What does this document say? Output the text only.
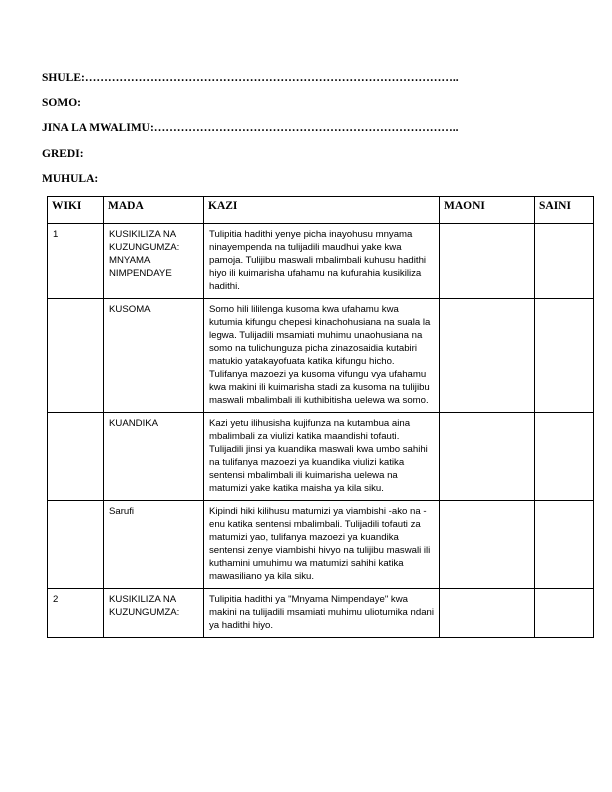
SHULE:……………………………………………………………………………………..
SOMO:
JINA LA MWALIMU:……………………………………………………………………..
GREDI:
MUHULA:
WIKI	MADA	KAZI	MAONI	SAINI
1	KUSIKILIZA NA KUZUNGUMZA: MNYAMA NIMPENDAYE	Tulipitia hadithi yenye picha inayohusu mnyama ninayempenda na tulijadili maudhui yake kwa pamoja. Tulijibu maswali mbalimbali kuhusu hadithi hiyo ili kuimarisha ufahamu na kufurahia kusikiliza hadithi.		
	KUSOMA	Somo hili lililenga kusoma kwa ufahamu kwa kutumia kifungu chepesi kinachohusiana na suala la legwa. Tulijadili msamiati muhimu unaohusiana na somo na tulichunguza picha zinazosaidia kutabiri matukio yatakayofuata katika kifungu hicho. Tulifanya mazoezi ya kusoma vifungu vya ufahamu kwa makini ili kuimarisha stadi za kusoma na tulijibu maswali mbalimbali ili kuthibitisha uelewa wa somo.		
	KUANDIKA	Kazi yetu ilihusisha kujifunza na kutambua aina mbalimbali za viulizi katika maandishi tofauti. Tulijadili jinsi ya kuandika maswali kwa umbo sahihi na tulifanya mazoezi ya kuandika viulizi katika sentensi mbalimbali ili kuimarisha uelewa na matumizi yake katika maisha ya kila siku.		
	Sarufi	Kipindi hiki kilihusu matumizi ya viambishi -ako na -enu katika sentensi mbalimbali. Tulijadili tofauti za matumizi yao, tulifanya mazoezi ya kuandika sentensi zenye viambishi hivyo na tulijibu maswali ili kuthamini umuhimu wa matumizi sahihi katika mawasiliano ya kila siku.		
2	KUSIKILIZA NA KUZUNGUMZA:	Tulipitia hadithi ya "Mnyama Nimpendaye" kwa makini na tulijadili msamiati muhimu uliotumika ndani ya hadithi hiyo.		
